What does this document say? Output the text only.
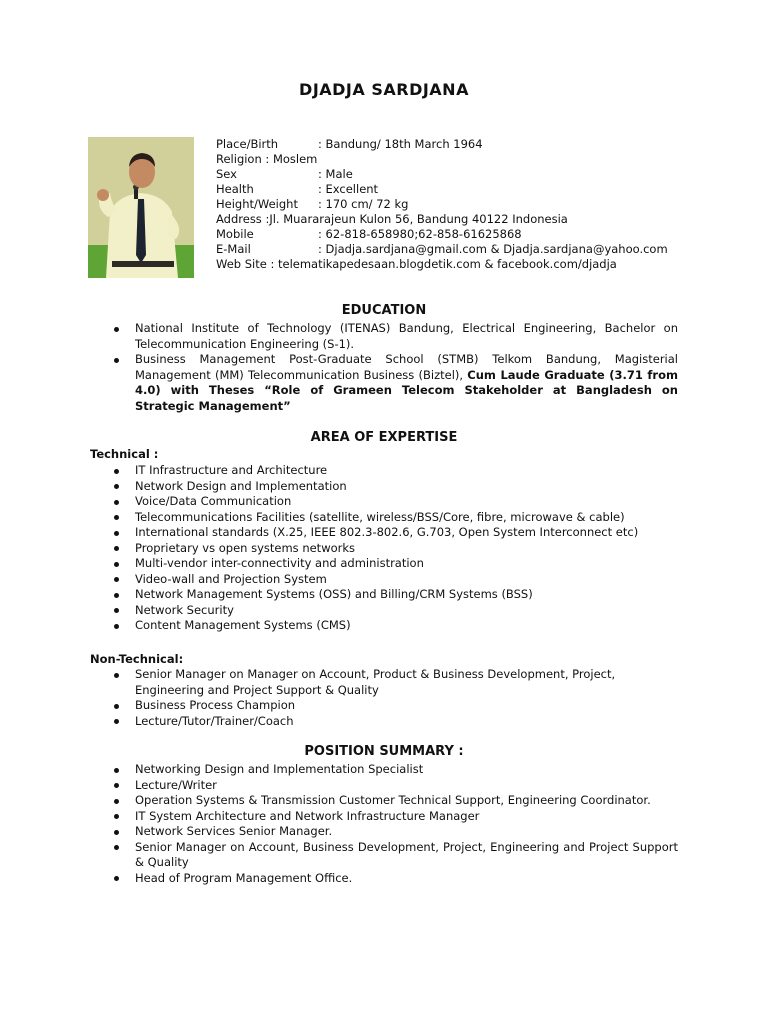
DJADJA SARDJANA
Place/Birth	: Bandung/ 18th March 1964
Religion : Moslem
Sex	: Male
Health	: Excellent
Height/Weight : 170 cm/ 72 kg
Address :Jl. Muararajeun Kulon 56, Bandung 40122 Indonesia
Mobile	: 62-818-658980;62-858-61625868
E-Mail	: Djadja.sardjana@gmail.com & Djadja.sardjana@yahoo.com
Web Site : telematikapedesaan.blogdetik.com & facebook.com/djadja
EDUCATION
National Institute of Technology (ITENAS) Bandung, Electrical Engineering, Bachelor on Telecommunication Engineering (S-1).
Business Management Post-Graduate School (STMB) Telkom Bandung, Magisterial Management (MM) Telecommunication Business (Biztel), Cum Laude Graduate (3.71 from 4.0) with Theses “Role of Grameen Telecom Stakeholder at Bangladesh on Strategic Management”
AREA OF EXPERTISE
Technical :
IT Infrastructure and Architecture
Network Design and Implementation
Voice/Data Communication
Telecommunications Facilities (satellite, wireless/BSS/Core, fibre, microwave & cable)
International standards (X.25, IEEE 802.3-802.6, G.703, Open System Interconnect etc)
Proprietary vs open systems networks
Multi-vendor inter-connectivity and administration
Video-wall and Projection System
Network Management Systems (OSS) and Billing/CRM Systems (BSS)
Network Security
Content Management Systems (CMS)
Non-Technical:
Senior Manager on Manager on Account, Product & Business Development, Project, Engineering and Project Support & Quality
Business Process Champion
Lecture/Tutor/Trainer/Coach
POSITION SUMMARY :
Networking Design and Implementation Specialist
Lecture/Writer
Operation Systems & Transmission Customer Technical Support, Engineering Coordinator.
IT System Architecture and Network Infrastructure Manager
Network Services Senior Manager.
Senior Manager on Account, Business Development, Project, Engineering and Project Support & Quality
Head of Program Management Office.
